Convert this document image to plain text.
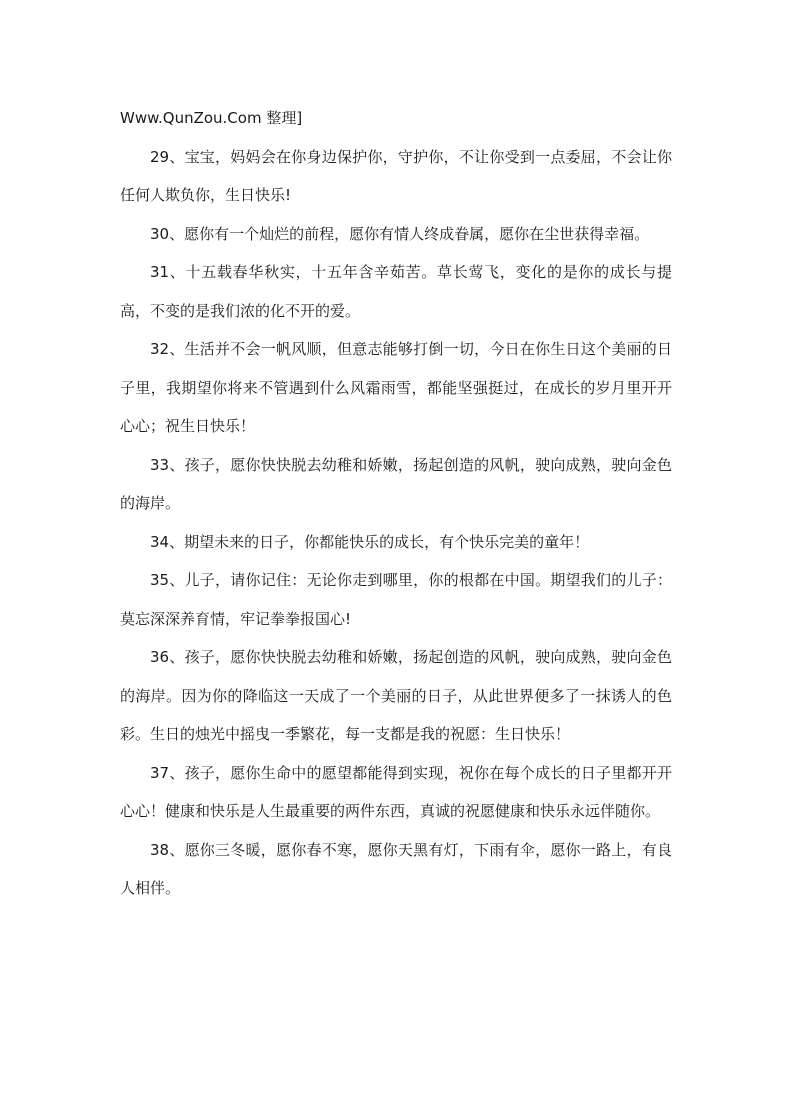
Www.QunZou.Com 整理]

29、宝宝，妈妈会在你身边保护你，守护你，不让你受到一点委屈，不会让你任何人欺负你，生日快乐!

30、愿你有一个灿烂的前程，愿你有情人终成眷属，愿你在尘世获得幸福。

31、十五载春华秋实，十五年含辛茹苦。草长莺飞，变化的是你的成长与提高，不变的是我们浓的化不开的爱。

32、生活并不会一帆风顺，但意志能够打倒一切，今日在你生日这个美丽的日子里，我期望你将来不管遇到什么风霜雨雪，都能坚强挺过，在成长的岁月里开开心心；祝生日快乐！

33、孩子，愿你快快脱去幼稚和娇嫩，扬起创造的风帆，驶向成熟，驶向金色的海岸。

34、期望未来的日子，你都能快乐的成长，有个快乐完美的童年！

35、儿子，请你记住：无论你走到哪里，你的根都在中国。期望我们的儿子：莫忘深深养育情，牢记拳拳报国心!

36、孩子，愿你快快脱去幼稚和娇嫩，扬起创造的风帆，驶向成熟，驶向金色的海岸。因为你的降临这一天成了一个美丽的日子，从此世界便多了一抹诱人的色彩。生日的烛光中摇曳一季繁花，每一支都是我的祝愿：生日快乐！

37、孩子，愿你生命中的愿望都能得到实现，祝你在每个成长的日子里都开开心心！健康和快乐是人生最重要的两件东西，真诚的祝愿健康和快乐永远伴随你。

38、愿你三冬暖，愿你春不寒，愿你天黑有灯，下雨有伞，愿你一路上，有良人相伴。
